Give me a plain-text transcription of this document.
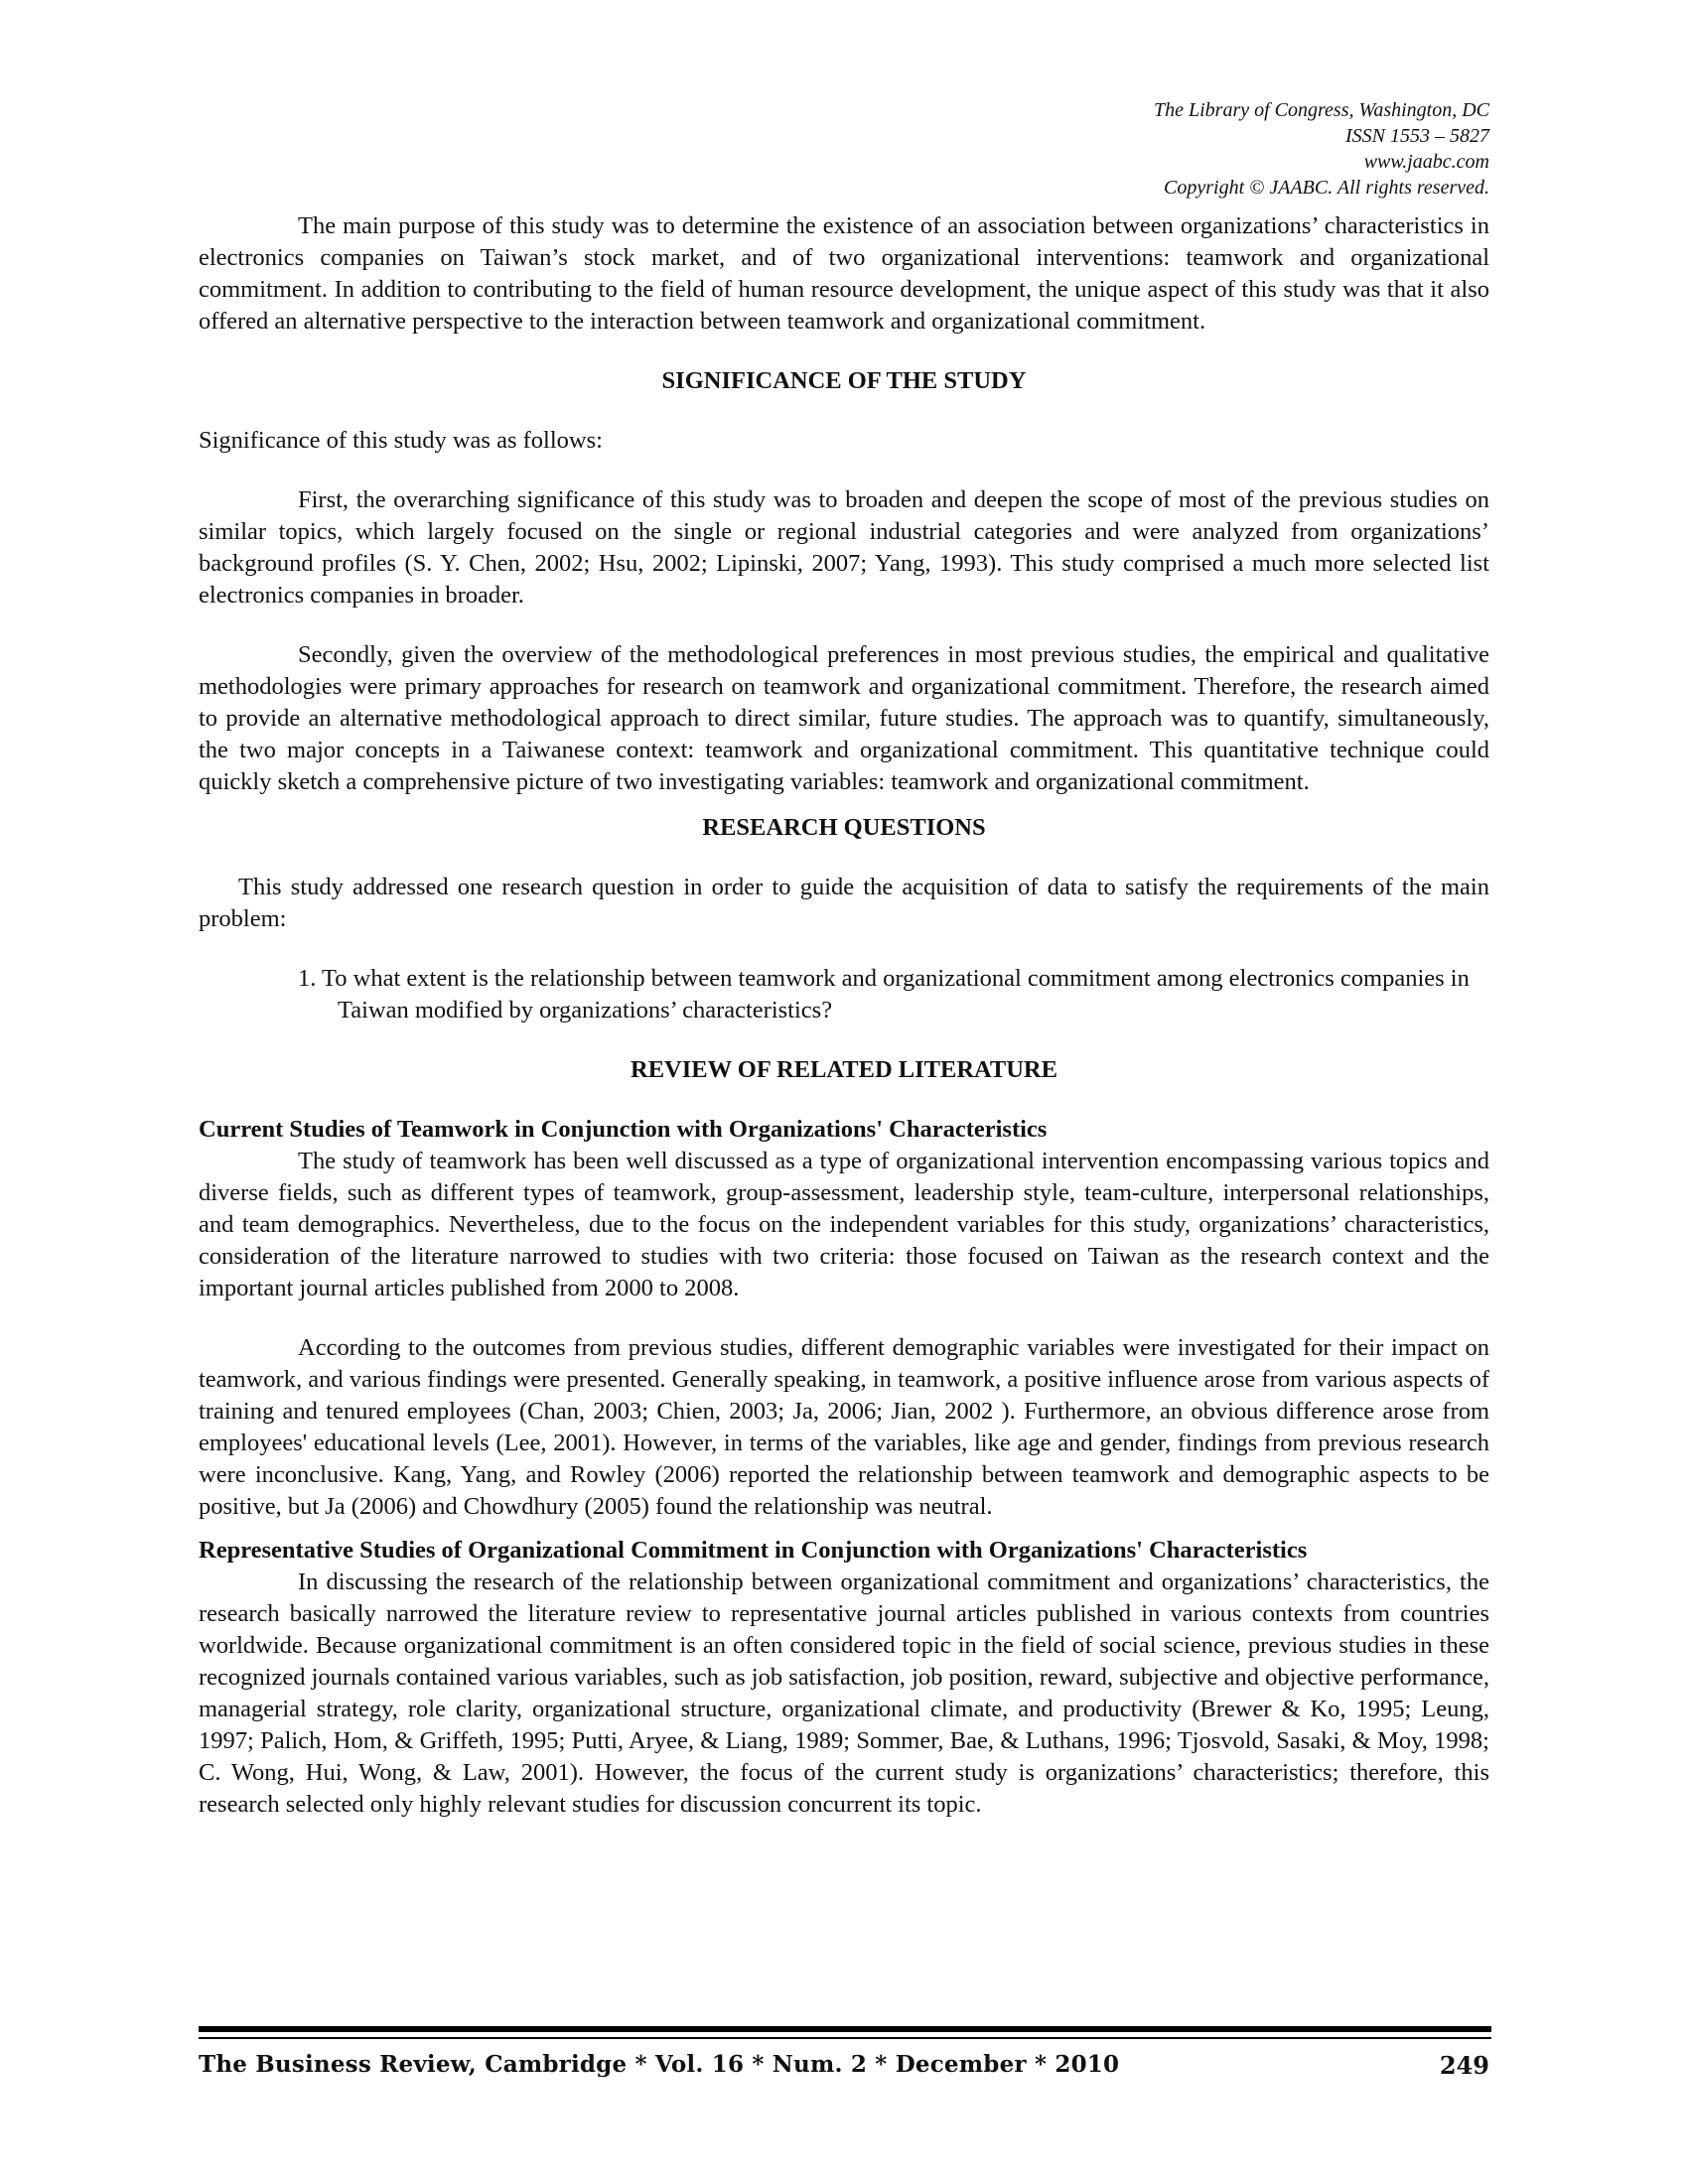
The Library of Congress, Washington, DC
ISSN 1553 – 5827
www.jaabc.com
Copyright © JAABC. All rights reserved.

The main purpose of this study was to determine the existence of an association between organizations’ characteristics in electronics companies on Taiwan’s stock market, and of two organizational interventions: teamwork and organizational commitment. In addition to contributing to the field of human resource development, the unique aspect of this study was that it also offered an alternative perspective to the interaction between teamwork and organizational commitment.

SIGNIFICANCE OF THE STUDY

Significance of this study was as follows:

First, the overarching significance of this study was to broaden and deepen the scope of most of the previous studies on similar topics, which largely focused on the single or regional industrial categories and were analyzed from organizations’ background profiles (S. Y. Chen, 2002; Hsu, 2002; Lipinski, 2007; Yang, 1993). This study comprised a much more selected list electronics companies in broader.

Secondly, given the overview of the methodological preferences in most previous studies, the empirical and qualitative methodologies were primary approaches for research on teamwork and organizational commitment. Therefore, the research aimed to provide an alternative methodological approach to direct similar, future studies. The approach was to quantify, simultaneously, the two major concepts in a Taiwanese context: teamwork and organizational commitment. This quantitative technique could quickly sketch a comprehensive picture of two investigating variables: teamwork and organizational commitment.

RESEARCH QUESTIONS

This study addressed one research question in order to guide the acquisition of data to satisfy the requirements of the main problem:

1. To what extent is the relationship between teamwork and organizational commitment among electronics companies in Taiwan modified by organizations’ characteristics?

REVIEW OF RELATED LITERATURE
Current Studies of Teamwork in Conjunction with Organizations' Characteristics

The study of teamwork has been well discussed as a type of organizational intervention encompassing various topics and diverse fields, such as different types of teamwork, group-assessment, leadership style, team-culture, interpersonal relationships, and team demographics. Nevertheless, due to the focus on the independent variables for this study, organizations’ characteristics, consideration of the literature narrowed to studies with two criteria: those focused on Taiwan as the research context and the important journal articles published from 2000 to 2008.

According to the outcomes from previous studies, different demographic variables were investigated for their impact on teamwork, and various findings were presented. Generally speaking, in teamwork, a positive influence arose from various aspects of training and tenured employees (Chan, 2003; Chien, 2003; Ja, 2006; Jian, 2002 ). Furthermore, an obvious difference arose from employees' educational levels (Lee, 2001). However, in terms of the variables, like age and gender, findings from previous research were inconclusive. Kang, Yang, and Rowley (2006) reported the relationship between teamwork and demographic aspects to be positive, but Ja (2006) and Chowdhury (2005) found the relationship was neutral.

Representative Studies of Organizational Commitment in Conjunction with Organizations' Characteristics

In discussing the research of the relationship between organizational commitment and organizations’ characteristics, the research basically narrowed the literature review to representative journal articles published in various contexts from countries worldwide. Because organizational commitment is an often considered topic in the field of social science, previous studies in these recognized journals contained various variables, such as job satisfaction, job position, reward, subjective and objective performance, managerial strategy, role clarity, organizational structure, organizational climate, and productivity (Brewer & Ko, 1995; Leung, 1997; Palich, Hom, & Griffeth, 1995; Putti, Aryee, & Liang, 1989; Sommer, Bae, & Luthans, 1996; Tjosvold, Sasaki, & Moy, 1998; C. Wong, Hui, Wong, & Law, 2001). However, the focus of the current study is organizations’ characteristics; therefore, this research selected only highly relevant studies for discussion concurrent its topic.

The Business Review, Cambridge * Vol. 16 * Num. 2 * December * 2010	249
